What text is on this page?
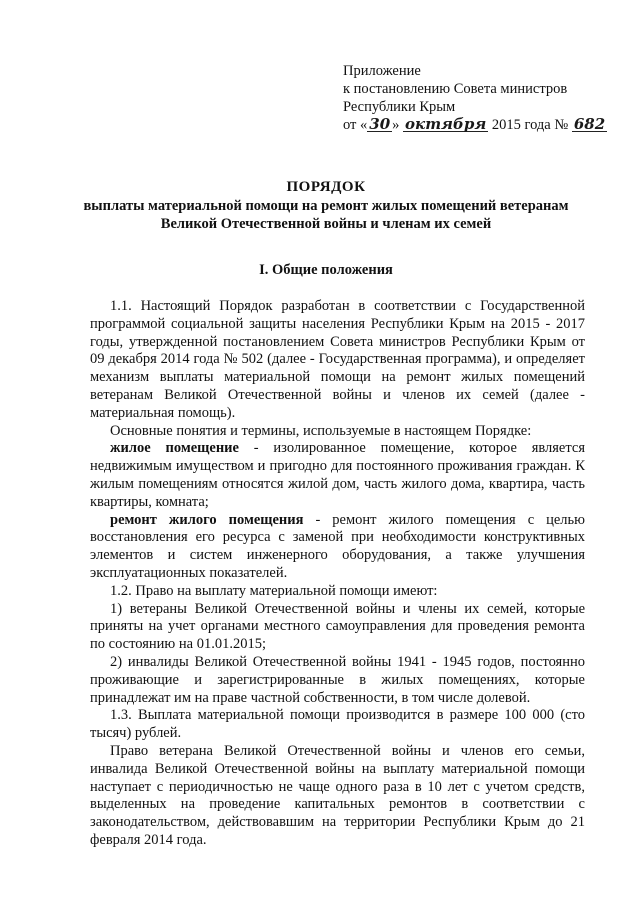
Приложение
к постановлению Совета министров
Республики Крым
от « 30 » октября 2015 года № 682
ПОРЯДОК
выплаты материальной помощи на ремонт жилых помещений ветеранам
Великой Отечественной войны и членам их семей
I. Общие положения

1.1. Настоящий Порядок разработан в соответствии с Государственной программой социальной защиты населения Республики Крым на 2015 - 2017 годы, утвержденной постановлением Совета министров Республики Крым от 09 декабря 2014 года № 502 (далее - Государственная программа), и определяет механизм выплаты материальной помощи на ремонт жилых помещений ветеранам Великой Отечественной войны и членов их семей (далее - материальная помощь).

Основные понятия и термины, используемые в настоящем Порядке:

жилое помещение - изолированное помещение, которое является недвижимым имуществом и пригодно для постоянного проживания граждан. К жилым помещениям относятся жилой дом, часть жилого дома, квартира, часть квартиры, комната;

ремонт жилого помещения - ремонт жилого помещения с целью восстановления его ресурса с заменой при необходимости конструктивных элементов и систем инженерного оборудования, а также улучшения эксплуатационных показателей.

1.2. Право на выплату материальной помощи имеют:

1) ветераны Великой Отечественной войны и члены их семей, которые приняты на учет органами местного самоуправления для проведения ремонта по состоянию на 01.01.2015;

2) инвалиды Великой Отечественной войны 1941 - 1945 годов, постоянно проживающие и зарегистрированные в жилых помещениях, которые принадлежат им на праве частной собственности, в том числе долевой.

1.3. Выплата материальной помощи производится в размере 100 000 (сто тысяч) рублей.

Право ветерана Великой Отечественной войны и членов его семьи, инвалида Великой Отечественной войны на выплату материальной помощи наступает с периодичностью не чаще одного раза в 10 лет с учетом средств, выделенных на проведение капитальных ремонтов в соответствии с законодательством, действовавшим на территории Республики Крым до 21 февраля 2014 года.
